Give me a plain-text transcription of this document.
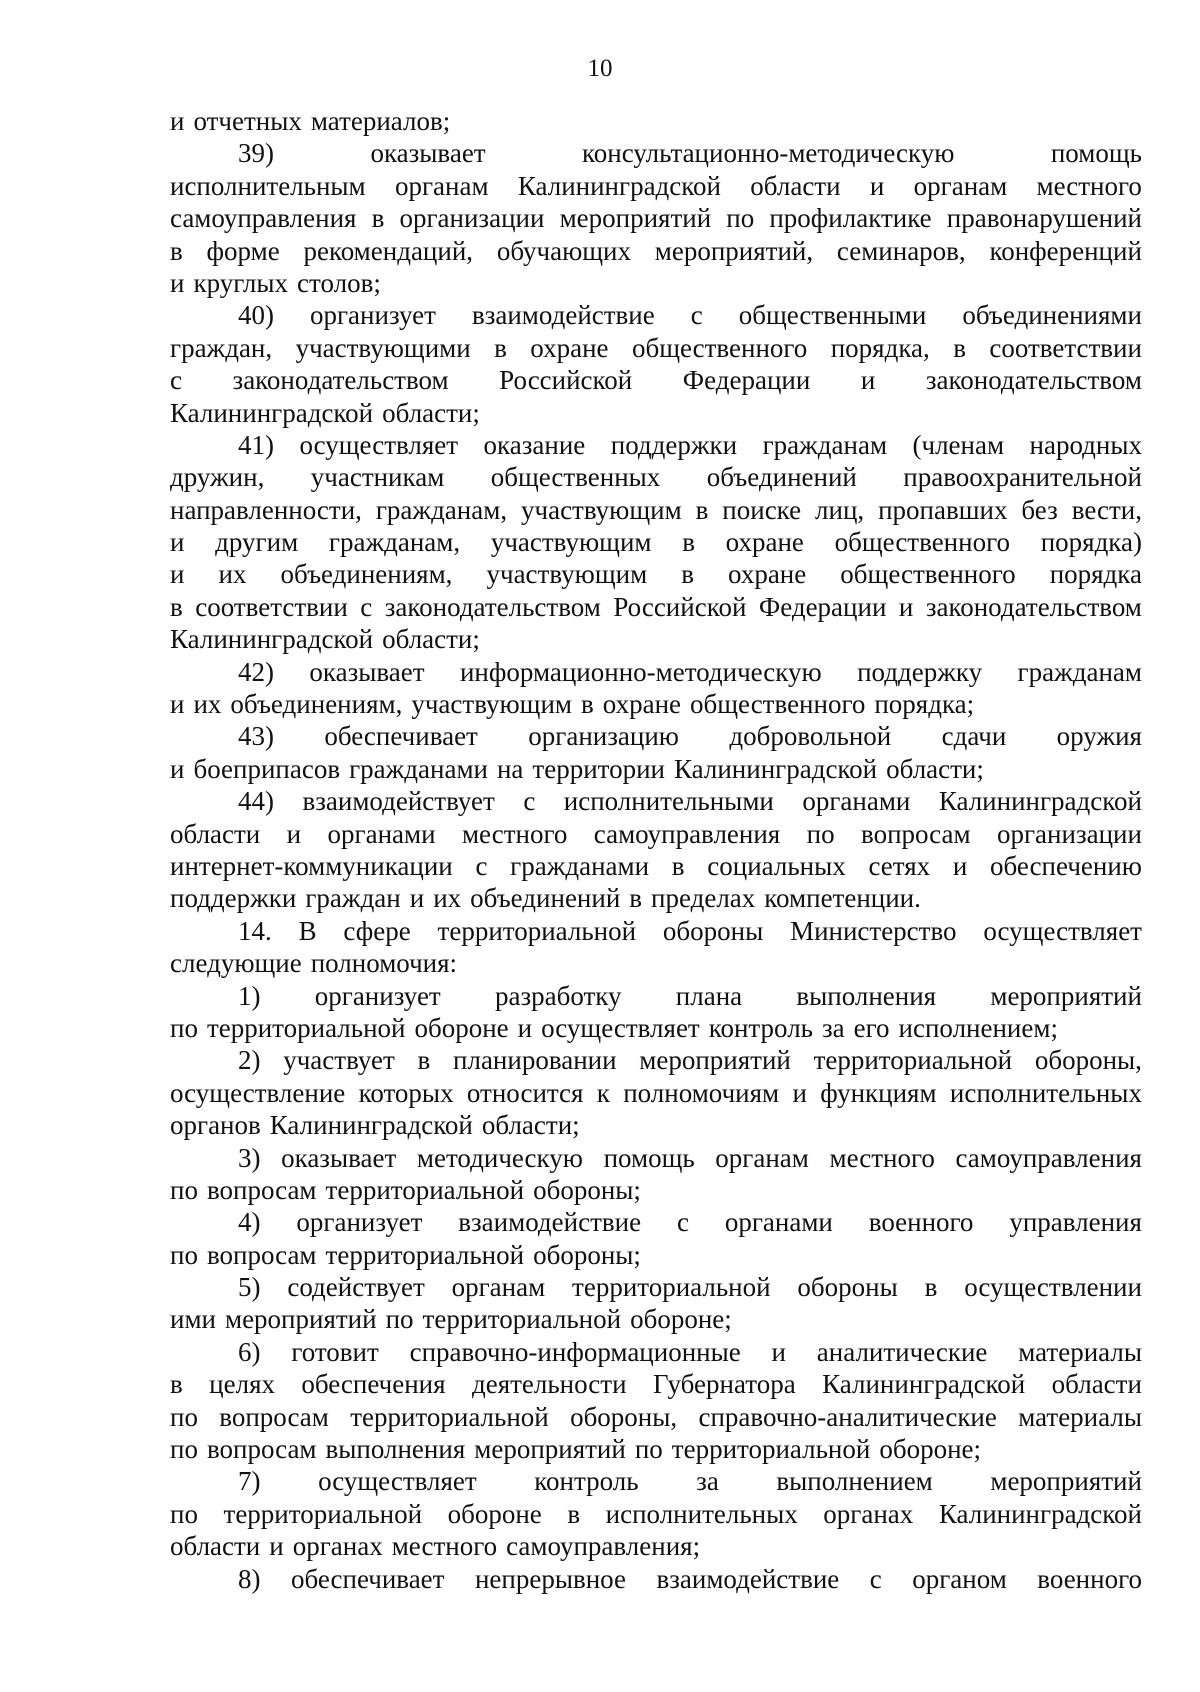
10
и отчетных материалов;
39)	оказывает	консультационно-методическую	помощь
исполнительным органам Калининградской области и органам местного
самоуправления в организации мероприятий по профилактике правонарушений
в форме рекомендаций, обучающих мероприятий, семинаров, конференций
и круглых столов;
40) организует взаимодействие с общественными объединениями
граждан, участвующими в охране общественного порядка, в соответствии
с законодательством Российской Федерации и законодательством
Калининградской области;
41) осуществляет оказание поддержки гражданам (членам народных
дружин, участникам общественных объединений правоохранительной
направленности, гражданам, участвующим в поиске лиц, пропавших без вести,
и другим гражданам, участвующим в охране общественного порядка)
и их объединениям, участвующим в охране общественного порядка
в соответствии с законодательством Российской Федерации и законодательством
Калининградской области;
42) оказывает информационно-методическую поддержку гражданам
и их объединениям, участвующим в охране общественного порядка;
43) обеспечивает организацию добровольной сдачи оружия
и боеприпасов гражданами на территории Калининградской области;
44) взаимодействует с исполнительными органами Калининградской
области и органами местного самоуправления по вопросам организации
интернет-коммуникации с гражданами в социальных сетях и обеспечению
поддержки граждан и их объединений в пределах компетенции.
14. В сфере территориальной обороны Министерство осуществляет
следующие полномочия:
1) организует разработку плана выполнения мероприятий
по территориальной обороне и осуществляет контроль за его исполнением;
2) участвует в планировании мероприятий территориальной обороны,
осуществление которых относится к полномочиям и функциям исполнительных
органов Калининградской области;
3) оказывает методическую помощь органам местного самоуправления
по вопросам территориальной обороны;
4) организует взаимодействие с органами военного управления
по вопросам территориальной обороны;
5) содействует органам территориальной обороны в осуществлении
ими мероприятий по территориальной обороне;
6) готовит справочно-информационные и аналитические материалы
в целях обеспечения деятельности Губернатора Калининградской области
по вопросам территориальной обороны, справочно-аналитические материалы
по вопросам выполнения мероприятий по территориальной обороне;
7) осуществляет контроль за выполнением мероприятий
по территориальной обороне в исполнительных органах Калининградской
области и органах местного самоуправления;
8) обеспечивает непрерывное взаимодействие с органом военного
